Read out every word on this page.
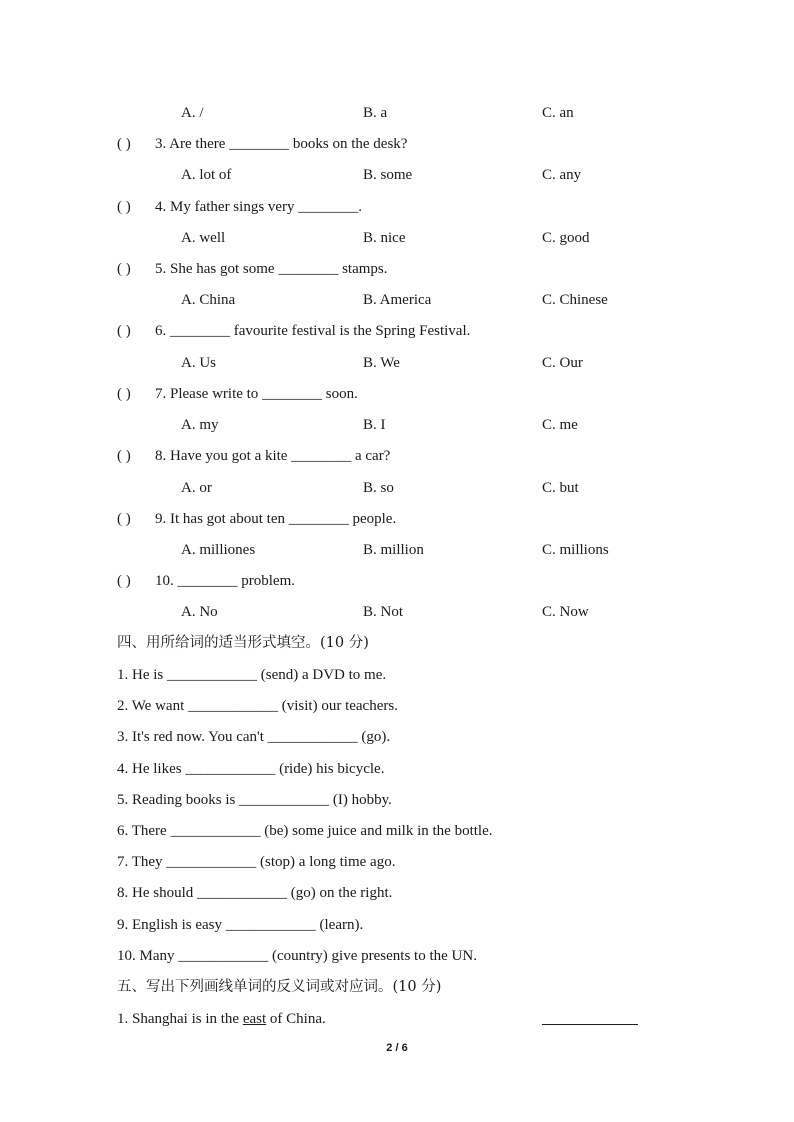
A. /	B. a	C. an
( ) 3. Are there ________ books on the desk?
A. lot of	B. some	C. any
( ) 4. My father sings very ________.
A. well	B. nice	C. good
( ) 5. She has got some ________ stamps.
A. China	B. America	C. Chinese
( ) 6. ________ favourite festival is the Spring Festival.
A. Us	B. We	C. Our
( ) 7. Please write to ________ soon.
A. my	B. I	C. me
( ) 8. Have you got a kite ________ a car?
A. or	B. so	C. but
( ) 9. It has got about ten ________ people.
A. milliones	B. million	C. millions
( ) 10. ________ problem.
A. No	B. Not	C. Now
四、用所给词的适当形式填空。(10 分)
1. He is ____________ (send) a DVD to me.
2. We want ____________ (visit) our teachers.
3. It's red now. You can't ____________ (go).
4. He likes ____________ (ride) his bicycle.
5. Reading books is ____________ (I) hobby.
6. There ____________ (be) some juice and milk in the bottle.
7. They ____________ (stop) a long time ago.
8. He should ____________ (go) on the right.
9. English is easy ____________ (learn).
10. Many ____________ (country) give presents to the UN.
五、写出下列画线单词的反义词或对应词。(10 分)
1. Shanghai is in the east of China.
2 / 6
